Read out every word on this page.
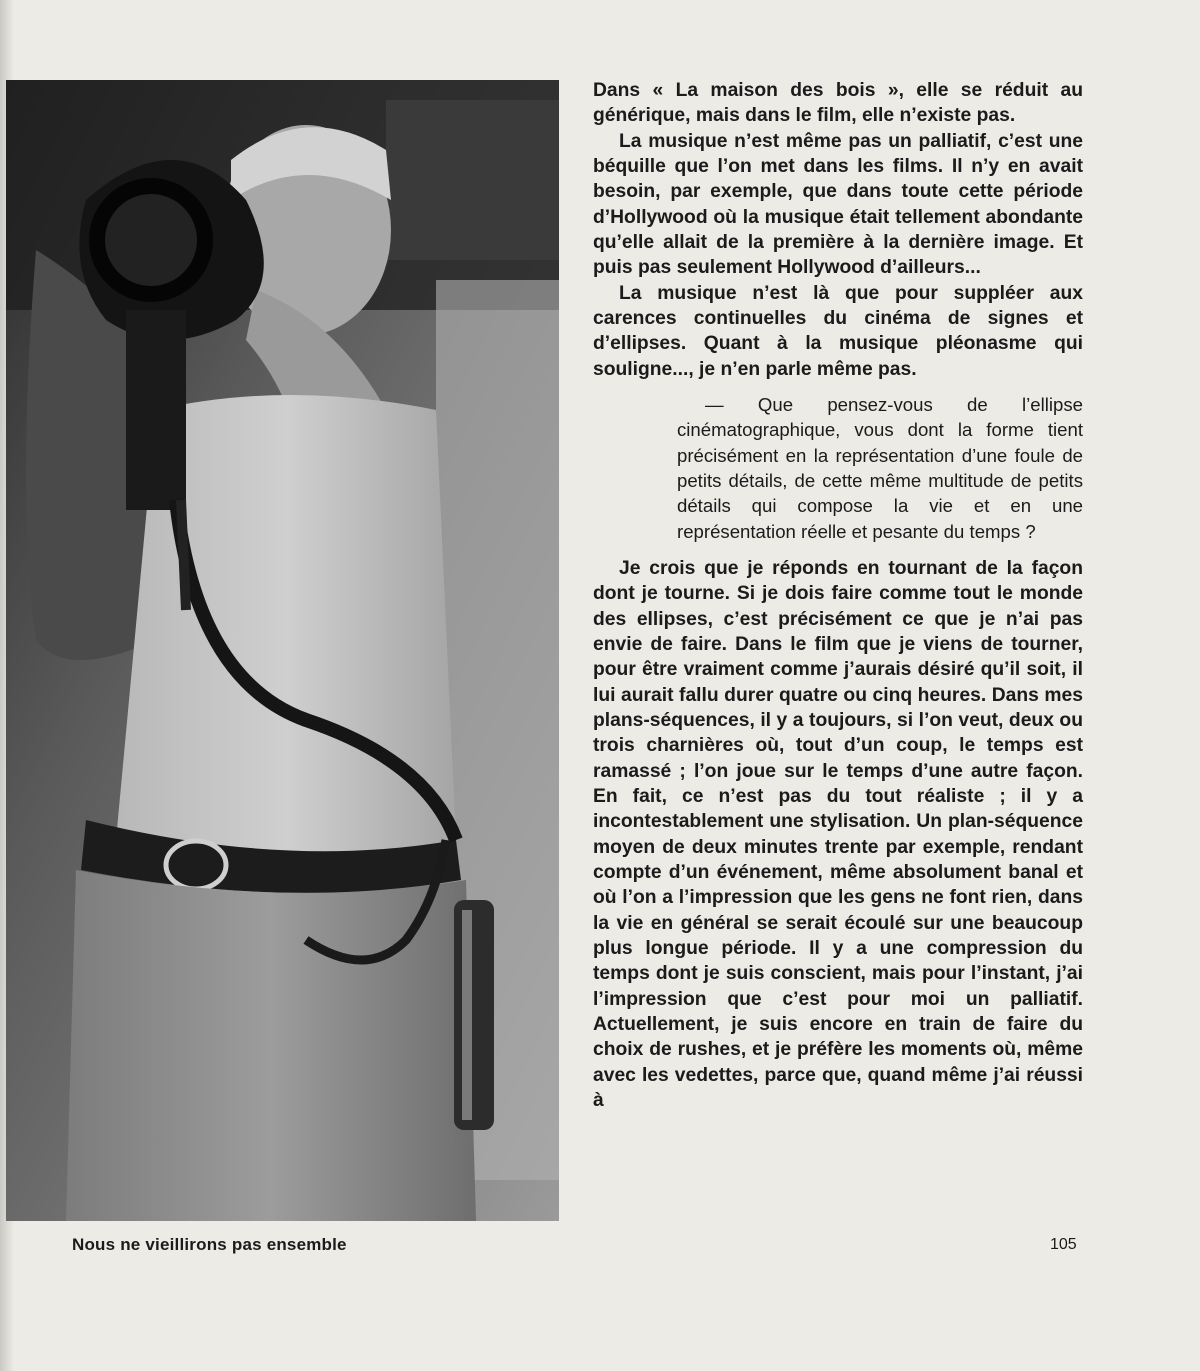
Nous ne vieillirons pas ensemble

Dans « La maison des bois », elle se réduit au générique, mais dans le film, elle n’existe pas.

La musique n’est même pas un palliatif, c’est une béquille que l’on met dans les films. Il n’y en avait besoin, par exemple, que dans toute cette période d’Hollywood où la musique était tellement abondante qu’elle allait de la première à la dernière image. Et puis pas seulement Hollywood d’ailleurs...

La musique n’est là que pour suppléer aux carences continuelles du cinéma de signes et d’ellipses. Quant à la musique pléonasme qui souligne..., je n’en parle même pas.

— Que pensez-vous de l’ellipse cinématographique, vous dont la forme tient précisément en la représentation d’une foule de petits détails, de cette même multitude de petits détails qui compose la vie et en une représentation réelle et pesante du temps ?

Je crois que je réponds en tournant de la façon dont je tourne. Si je dois faire comme tout le monde des ellipses, c’est précisément ce que je n’ai pas envie de faire. Dans le film que je viens de tourner, pour être vraiment comme j’aurais désiré qu’il soit, il lui aurait fallu durer quatre ou cinq heures. Dans mes plans-séquences, il y a toujours, si l’on veut, deux ou trois charnières où, tout d’un coup, le temps est ramassé ; l’on joue sur le temps d’une autre façon. En fait, ce n’est pas du tout réaliste ; il y a incontestablement une stylisation. Un plan-séquence moyen de deux minutes trente par exemple, rendant compte d’un événement, même absolument banal et où l’on a l’impression que les gens ne font rien, dans la vie en général se serait écoulé sur une beaucoup plus longue période. Il y a une compression du temps dont je suis conscient, mais pour l’instant, j’ai l’impression que c’est pour moi un palliatif. Actuellement, je suis encore en train de faire du choix de rushes, et je préfère les moments où, même avec les vedettes, parce que, quand même j’ai réussi à

105
